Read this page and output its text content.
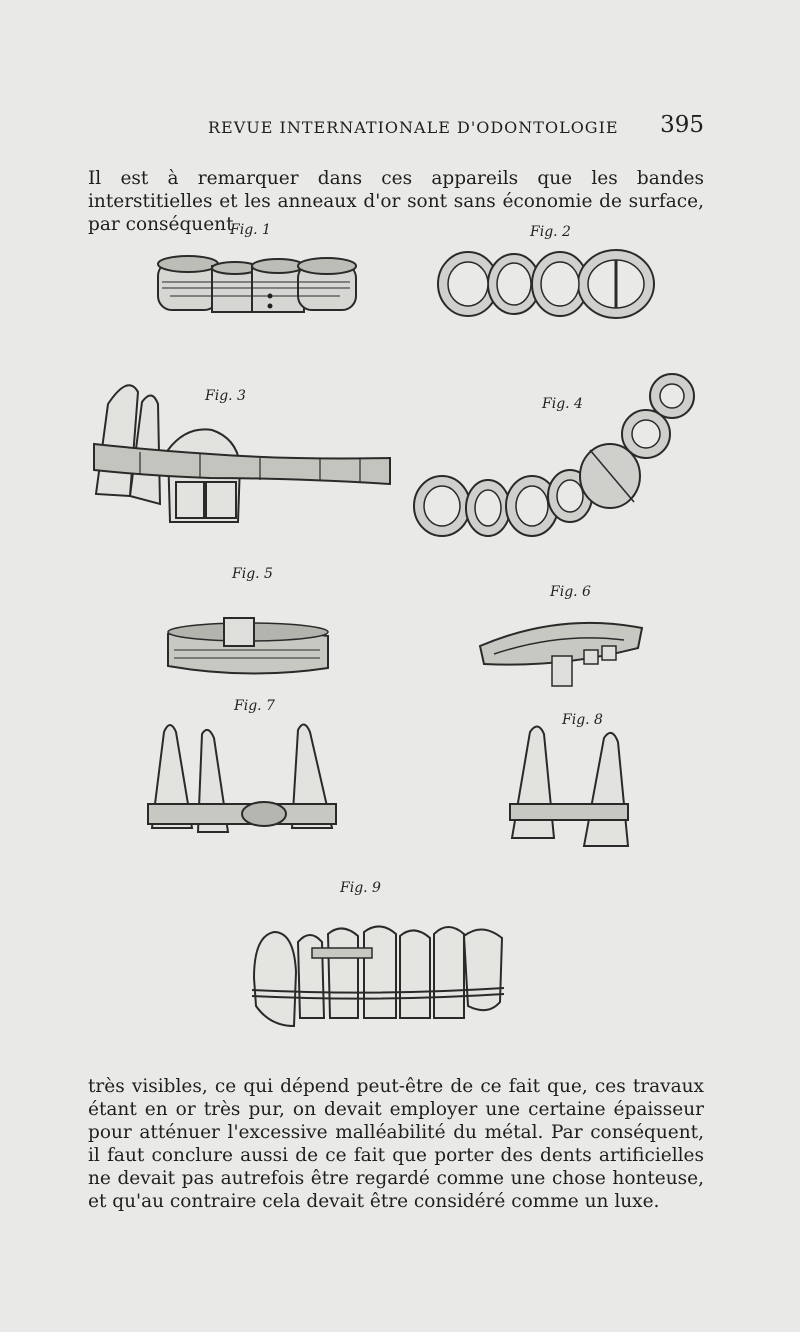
REVUE INTERNATIONALE D'ODONTOLOGIE 395

Il est à remarquer dans ces appareils que les bandes interstitielles et les anneaux d'or sont sans économie de surface, par conséquent

Fig. 1	Fig. 2
Fig. 3	Fig. 4
Fig. 5
Fig. 6
Fig. 7
Fig. 8
Fig. 9

très visibles, ce qui dépend peut-être de ce fait que, ces travaux étant en or très pur, on devait employer une certaine épaisseur pour atténuer l'excessive malléabilité du métal. Par conséquent, il faut conclure aussi de ce fait que porter des dents artificielles ne devait pas autrefois être regardé comme une chose honteuse, et qu'au contraire cela devait être considéré comme un luxe.
